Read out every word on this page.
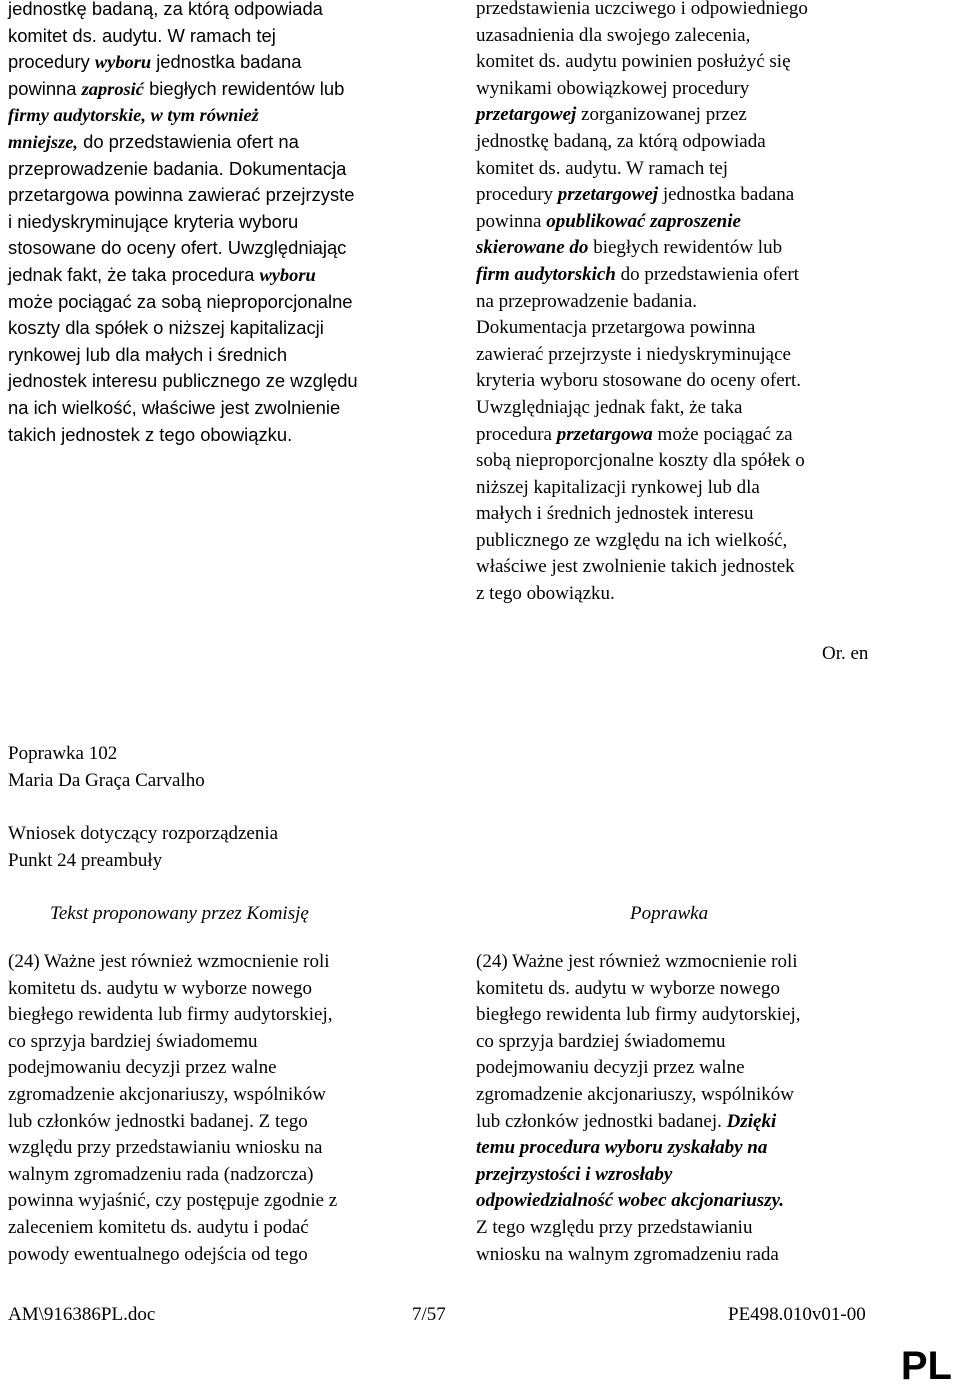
jednostkę badaną, za którą odpowiada
komitet ds. audytu. W ramach tej
procedury wyboru jednostka badana
powinna zaprosić biegłych rewidentów lub
firmy audytorskie, w tym również
mniejsze, do przedstawienia ofert na
przeprowadzenie badania. Dokumentacja
przetargowa powinna zawierać przejrzyste
i niedyskryminujące kryteria wyboru
stosowane do oceny ofert. Uwzględniając
jednak fakt, że taka procedura wyboru
może pociągać za sobą nieproporcjonalne
koszty dla spółek o niższej kapitalizacji
rynkowej lub dla małych i średnich
jednostek interesu publicznego ze względu
na ich wielkość, właściwe jest zwolnienie
takich jednostek z tego obowiązku.
przedstawienia uczciwego i odpowiedniego
uzasadnienia dla swojego zalecenia,
komitet ds. audytu powinien posłużyć się
wynikami obowiązkowej procedury
przetargowej zorganizowanej przez
jednostkę badaną, za którą odpowiada
komitet ds. audytu. W ramach tej
procedury przetargowej jednostka badana
powinna opublikować zaproszenie
skierowane do biegłych rewidentów lub
firm audytorskich do przedstawienia ofert
na przeprowadzenie badania.
Dokumentacja przetargowa powinna
zawierać przejrzyste i niedyskryminujące
kryteria wyboru stosowane do oceny ofert.
Uwzględniając jednak fakt, że taka
procedura przetargowa może pociągać za
sobą nieproporcjonalne koszty dla spółek o
niższej kapitalizacji rynkowej lub dla
małych i średnich jednostek interesu
publicznego ze względu na ich wielkość,
właściwe jest zwolnienie takich jednostek
z tego obowiązku.
Or. en
Poprawka 102
Maria Da Graça Carvalho
Wniosek dotyczący rozporządzenia
Punkt 24 preambuły
Tekst proponowany przez Komisję	Poprawka
(24) Ważne jest również wzmocnienie roli
komitetu ds. audytu w wyborze nowego
biegłego rewidenta lub firmy audytorskiej,
co sprzyja bardziej świadomemu
podejmowaniu decyzji przez walne
zgromadzenie akcjonariuszy, wspólników
lub członków jednostki badanej. Z tego
względu przy przedstawianiu wniosku na
walnym zgromadzeniu rada (nadzorcza)
powinna wyjaśnić, czy postępuje zgodnie z
zaleceniem komitetu ds. audytu i podać
powody ewentualnego odejścia od tego
(24) Ważne jest również wzmocnienie roli
komitetu ds. audytu w wyborze nowego
biegłego rewidenta lub firmy audytorskiej,
co sprzyja bardziej świadomemu
podejmowaniu decyzji przez walne
zgromadzenie akcjonariuszy, wspólników
lub członków jednostki badanej. Dzięki
temu procedura wyboru zyskałaby na
przejrzystości i wzrosłaby
odpowiedzialność wobec akcjonariuszy.
Z tego względu przy przedstawianiu
wniosku na walnym zgromadzeniu rada
AM\916386PL.doc	7/57	PE498.010v01-00
PL
